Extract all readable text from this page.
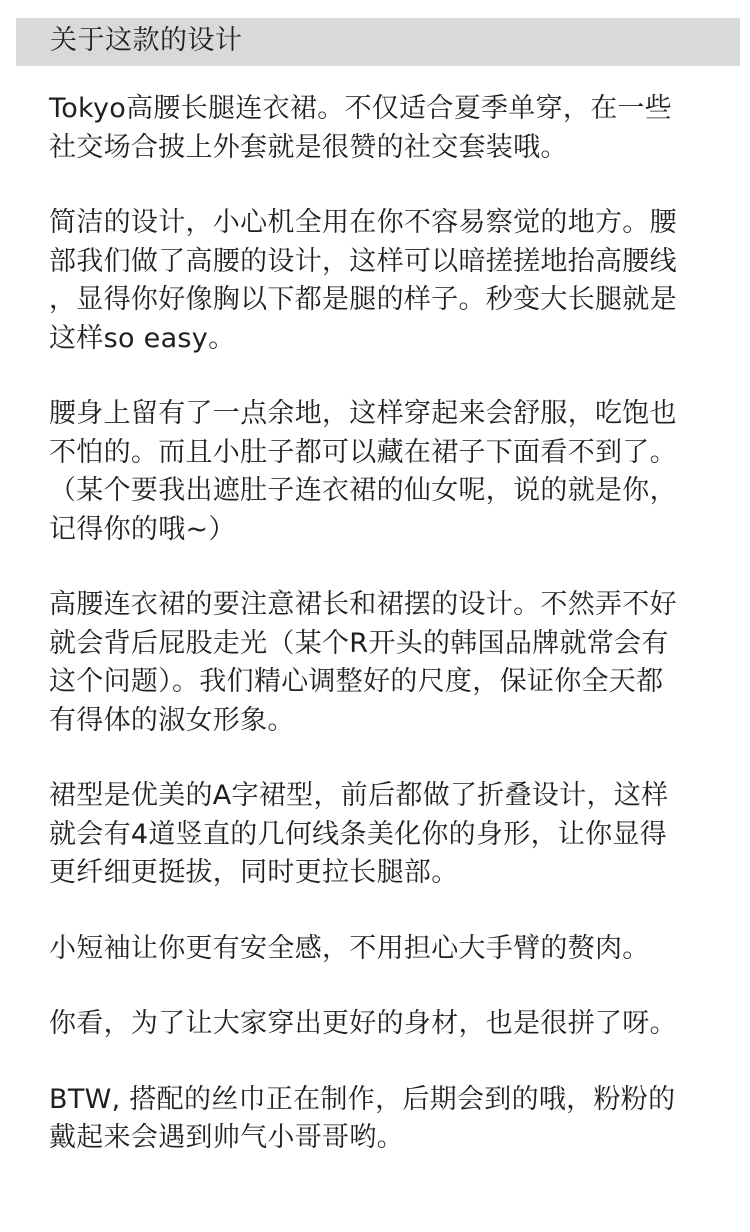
关于这款的设计

Tokyo高腰长腿连衣裙。不仅适合夏季单穿，在一些
社交场合披上外套就是很赞的社交套装哦。

简洁的设计，小心机全用在你不容易察觉的地方。腰
部我们做了高腰的设计，这样可以暗搓搓地抬高腰线
，显得你好像胸以下都是腿的样子。秒变大长腿就是
这样so easy。

腰身上留有了一点余地，这样穿起来会舒服，吃饱也
不怕的。而且小肚子都可以藏在裙子下面看不到了。
（某个要我出遮肚子连衣裙的仙女呢，说的就是你，
记得你的哦~）

高腰连衣裙的要注意裙长和裙摆的设计。不然弄不好
就会背后屁股走光（某个R开头的韩国品牌就常会有
这个问题）。我们精心调整好的尺度，保证你全天都
有得体的淑女形象。

裙型是优美的A字裙型，前后都做了折叠设计，这样
就会有4道竖直的几何线条美化你的身形，让你显得
更纤细更挺拔，同时更拉长腿部。

小短袖让你更有安全感，不用担心大手臂的赘肉。

你看，为了让大家穿出更好的身材，也是很拼了呀。

BTW, 搭配的丝巾正在制作，后期会到的哦，粉粉的
戴起来会遇到帅气小哥哥哟。
